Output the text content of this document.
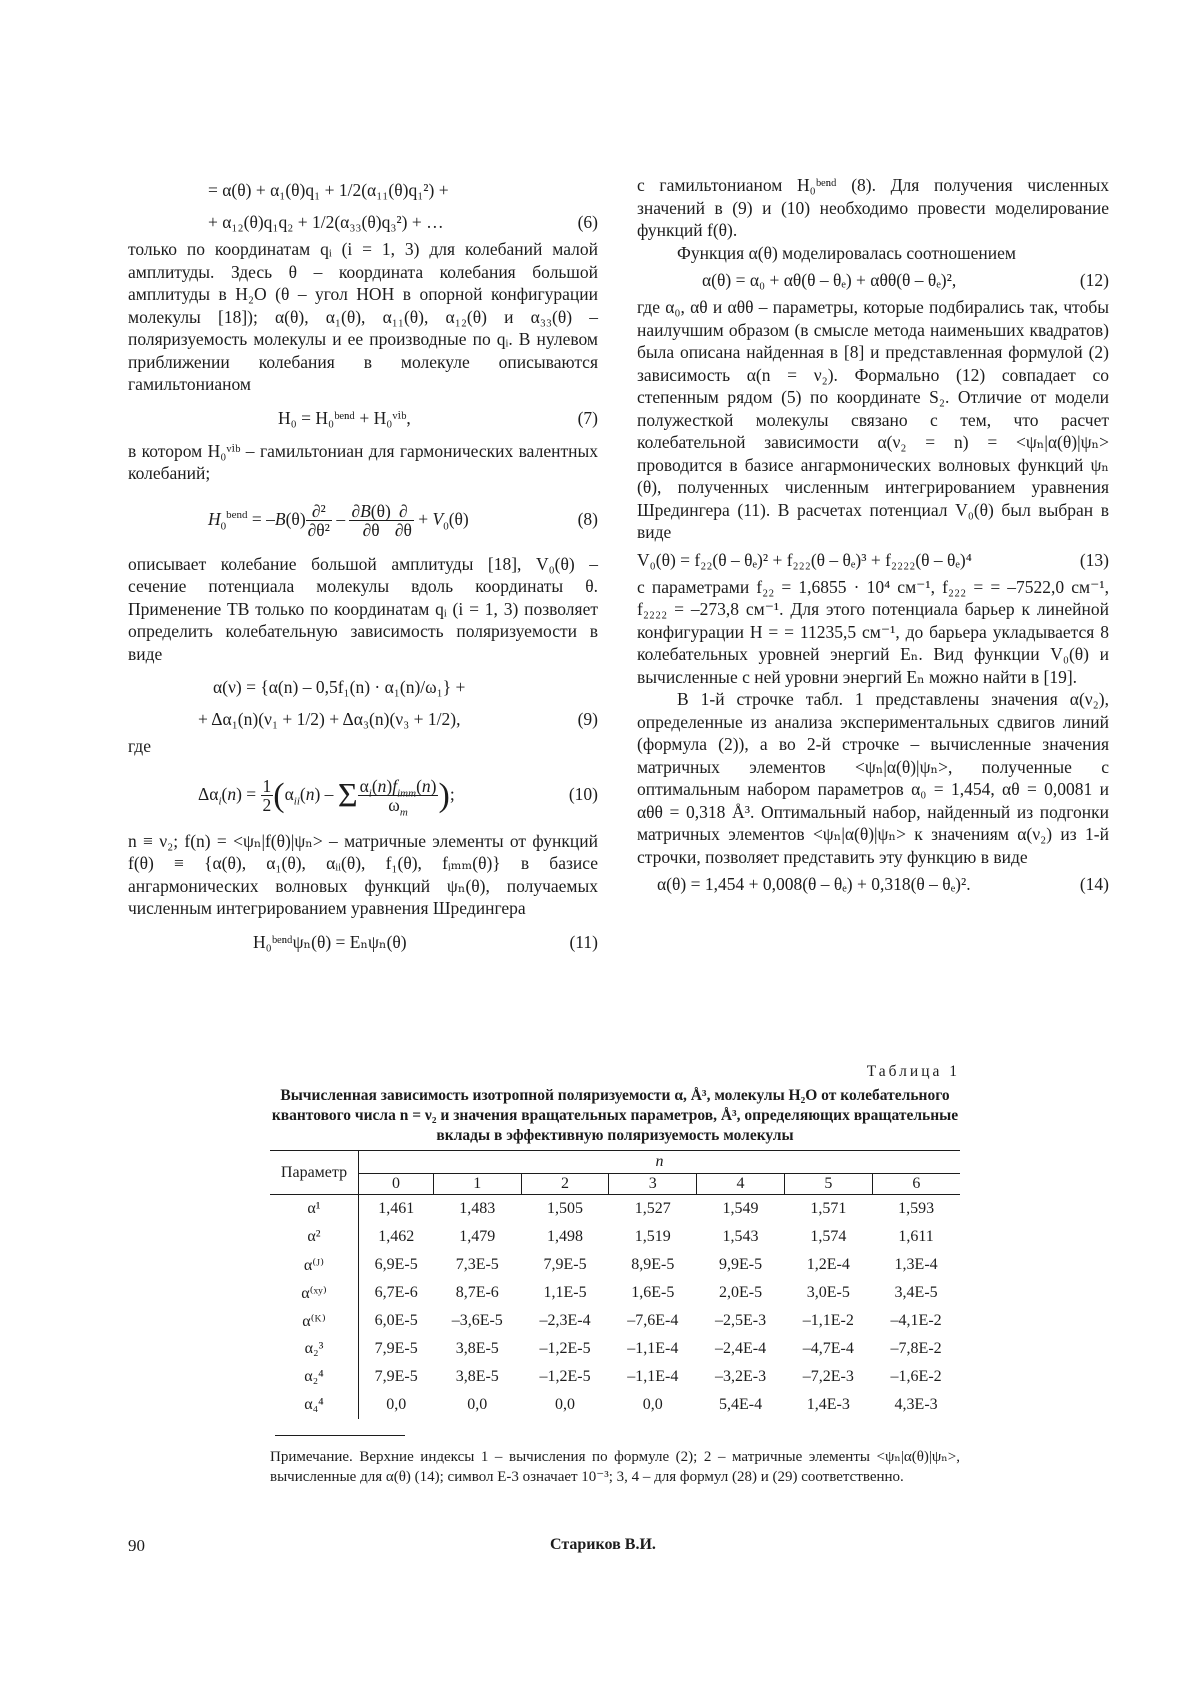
= α(θ) + α₁(θ)q₁ + 1/2(α₁₁(θ)q₁²) +
+ α₁₂(θ)q₁q₂ + 1/2(α₃₃(θ)q₃²) + …	(6)

только по координатам qᵢ (i = 1, 3) для колебаний малой амплитуды. Здесь θ – координата колебания большой амплитуды в H₂O (θ – угол HOH в опорной конфигурации молекулы [18]); α(θ), α₁(θ), α₁₁(θ), α₁₂(θ) и α₃₃(θ) – поляризуемость молекулы и ее производные по qᵢ. В нулевом приближении колебания в молекуле описываются гамильтонианом

H₀ = H₀ᵇᵉⁿᵈ + H₀ᵛⁱᵇ,	(7)

в котором H₀ᵛⁱᵇ – гамильтониан для гармонических валентных колебаний;

$H_0^{bend} = -B(\theta) \frac{\text{∂²}}{\text{∂θ²}} - \frac{\partial B(\theta)}{\partial\theta} \frac{\partial}{\partial\theta} + V_0(\theta)$	(8)

описывает колебание большой амплитуды [18], V₀(θ) – сечение потенциала молекулы вдоль координаты θ. Применение ТВ только по координатам qᵢ (i = 1, 3) позволяет определить колебательную зависимость поляризуемости в виде

α(ν) = {α(n) – 0,5f₁(n) · α₁(n)/ω₁} +
+ Δα₁(n)(ν₁ + 1/2) + Δα₃(n)(ν₃ + 1/2),	(9)

где

$\Delta\alpha_i(n) = \frac{1}{2} (\alpha_{ii}(n) - \Sigma \frac{\alpha_i(n)f_{imm}(n)}{\omega_m}$ );	(10)

n ≡ ν₂; f(n) = <ψₙ|f(θ)|ψₙ> – матричные элементы от функций f(θ) ≡ {α(θ), α₁(θ), αᵢᵢ(θ), f₁(θ), fᵢₘₘ(θ)} в базисе ангармонических волновых функций ψₙ(θ), получаемых численным интегрированием уравнения Шредингера

H₀ᵇᵉⁿᵈψₙ(θ) = Eₙψₙ(θ)	(11)

с гамильтонианом H₀ᵇᵉⁿᵈ (8). Для получения численных значений в (9) и (10) необходимо провести моделирование функций f(θ).

Функция α(θ) моделировалась соотношением

α(θ) = α₀ + αθ(θ – θₑ) + αθθ(θ – θₑ)²,	(12)

где α₀, αθ и αθθ – параметры, которые подбирались так, чтобы наилучшим образом (в смысле метода наименьших квадратов) была описана найденная в [8] и представленная формулой (2) зависимость α(n = ν₂). Формально (12) совпадает со степенным рядом (5) по координате S₂. Отличие от модели полужесткой молекулы связано с тем, что расчет колебательной зависимости α(ν₂ = n) = <ψₙ|α(θ)|ψₙ> проводится в базисе ангармонических волновых функций ψₙ (θ), полученных численным интегрированием уравнения Шредингера (11). В расчетах потенциал V₀(θ) был выбран в виде

V₀(θ) = f₂₂(θ – θₑ)² + f₂₂₂(θ – θₑ)³ + f₂₂₂₂(θ – θₑ)⁴	(13)

с параметрами f₂₂ = 1,6855 · 10⁴ см⁻¹, f₂₂₂ = = –7522,0 см⁻¹, f₂₂₂₂ = –273,8 см⁻¹. Для этого потенциала барьер к линейной конфигурации H = = 11235,5 см⁻¹, до барьера укладывается 8 колебательных уровней энергий Eₙ. Вид функции V₀(θ) и вычисленные с ней уровни энергий Eₙ можно найти в [19].

В 1-й строчке табл. 1 представлены значения α(ν₂), определенные из анализа экспериментальных сдвигов линий (формула (2)), а во 2-й строчке – вычисленные значения матричных элементов <ψₙ|α(θ)|ψₙ>, полученные с оптимальным набором параметров α₀ = 1,454, αθ = 0,0081 и αθθ = 0,318 Å³. Оптимальный набор, найденный из подгонки матричных элементов <ψₙ|α(θ)|ψₙ> к значениям α(ν₂) из 1-й строчки, позволяет представить эту функцию в виде

α(θ) = 1,454 + 0,008(θ – θₑ) + 0,318(θ – θₑ)².	(14)
Таблица 1
Вычисленная зависимость изотропной поляризуемости α, Å³, молекулы H₂O от колебательного квантового числа n = ν₂ и значения вращательных параметров, Å³, определяющих вращательные вклады в эффективную поляризуемость молекулы
Параметр	n						
	0	1	2	3	4	5	6
α¹	1,461	1,483	1,505	1,527	1,549	1,571	1,593
α²	1,462	1,479	1,498	1,519	1,543	1,574	1,611
α⁽ᴶ⁾	6,9E-5	7,3E-5	7,9E-5	8,9E-5	9,9E-5	1,2E-4	1,3E-4
α⁽ˣʸ⁾	6,7E-6	8,7E-6	1,1E-5	1,6E-5	2,0E-5	3,0E-5	3,4E-5
α⁽ᴷ⁾	6,0E-5	–3,6E-5	–2,3E-4	–7,6E-4	–2,5E-3	–1,1E-2	–4,1E-2
α₂³	7,9E-5	3,8E-5	–1,2E-5	–1,1E-4	–2,4E-4	–4,7E-4	–7,8E-2
α₂⁴	7,9E-5	3,8E-5	–1,2E-5	–1,1E-4	–3,2E-3	–7,2E-3	–1,6E-2
α₄⁴	0,0	0,0	0,0	0,0	5,4E-4	1,4E-3	4,3E-3
Примечание. Верхние индексы 1 – вычисления по формуле (2); 2 – матричные элементы <ψₙ|α(θ)|ψₙ>, вычисленные для α(θ) (14); символ E-3 означает 10⁻³; 3, 4 – для формул (28) и (29) соответственно.
90	Стариков В.И.
